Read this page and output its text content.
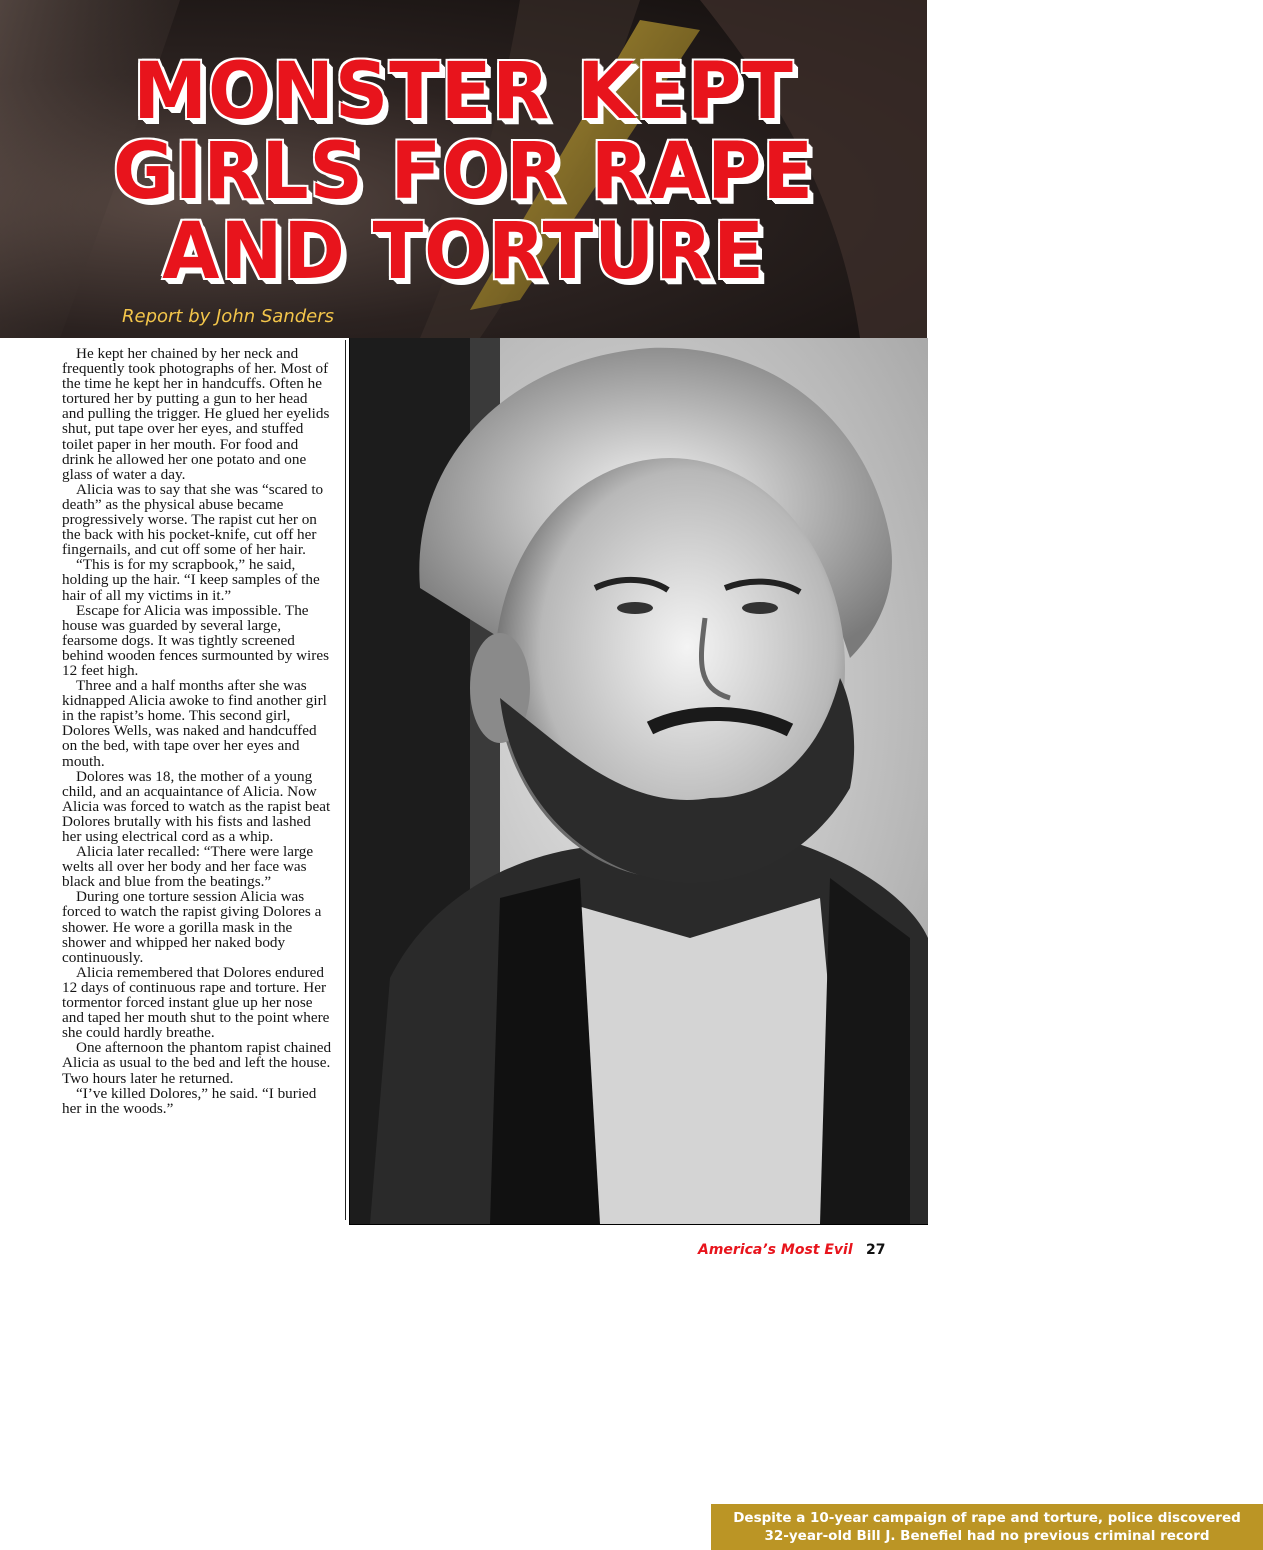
MONSTER KEPT
GIRLS FOR RAPE
AND TORTURE
Report by John Sanders

He kept her chained by her neck and frequently took photographs of her. Most of the time he kept her in handcuffs. Often he tortured her by putting a gun to her head and pulling the trigger. He glued her eyelids shut, put tape over her eyes, and stuffed toilet paper in her mouth. For food and drink he allowed her one potato and one glass of water a day.

Alicia was to say that she was “scared to death” as the physical abuse became progressively worse. The rapist cut her on the back with his pocket-knife, cut off her fingernails, and cut off some of her hair.

“This is for my scrapbook,” he said, holding up the hair. “I keep samples of the hair of all my victims in it.”

Escape for Alicia was impossible. The house was guarded by several large, fearsome dogs. It was tightly screened behind wooden fences surmounted by wires 12 feet high.

Three and a half months after she was kidnapped Alicia awoke to find another girl in the rapist’s home. This second girl, Dolores Wells, was naked and handcuffed on the bed, with tape over her eyes and mouth.

Dolores was 18, the mother of a young child, and an acquaintance of Alicia. Now Alicia was forced to watch as the rapist beat Dolores brutally with his fists and lashed her using electrical cord as a whip.

Alicia later recalled: “There were large welts all over her body and her face was black and blue from the beatings.”

During one torture session Alicia was forced to watch the rapist giving Dolores a shower. He wore a gorilla mask in the shower and whipped her naked body continuously.

Alicia remembered that Dolores endured 12 days of continuous rape and torture. Her tormentor forced instant glue up her nose and taped her mouth shut to the point where she could hardly breathe.

One afternoon the phantom rapist chained Alicia as usual to the bed and left the house. Two hours later he returned.

“I’ve killed Dolores,” he said. “I buried her in the woods.”

Despite a 10-year campaign of rape and torture, police discovered
32-year-old Bill J. Benefiel had no previous criminal record
America’s Most Evil 27
